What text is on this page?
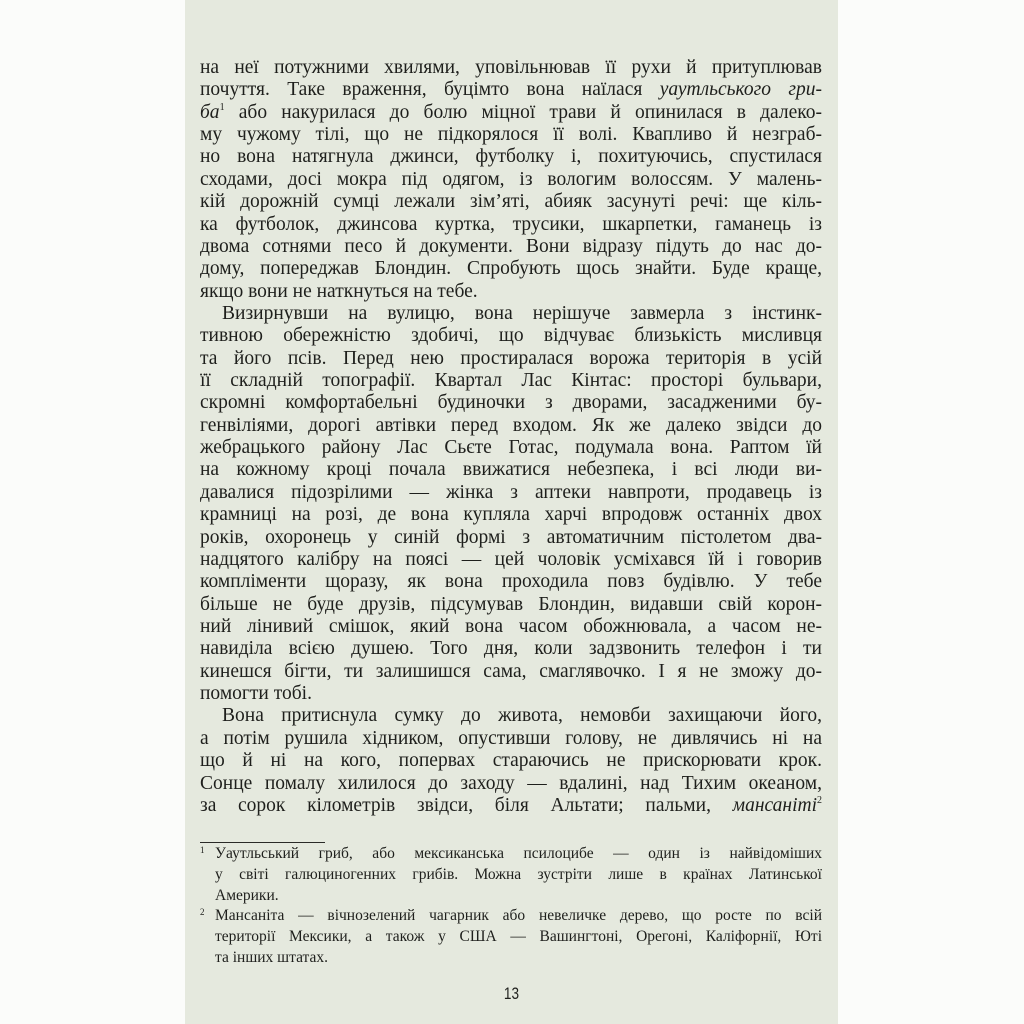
на неї потужними хвилями, уповільнював її рухи й притуплював
почуття. Таке враження, буцімто вона наїлася уаутльського гри-
$ба^1$ або накурилася до болю міцної трави й опинилася в далеко-
му чужому тілі, що не підкорялося її волі. Квапливо й незграб-
но вона натягнула джинси, футболку і, похитуючись, спустилася
сходами, досі мокра під одягом, із вологим волоссям. У малень-
кій дорожній сумці лежали зім’яті, абияк засунуті речі: ще кіль-
ка футболок, джинсова куртка, трусики, шкарпетки, гаманець із
двома сотнями песо й документи. Вони відразу підуть до нас до-
дому, попереджав Блондин. Спробують щось знайти. Буде краще,
якщо вони не наткнуться на тебе.
Визирнувши на вулицю, вона нерішуче завмерла з інстинк-
тивною обережністю здобичі, що відчуває близькість мисливця
та його псів. Перед нею простиралася ворожа територія в усій
її складній топографії. Квартал Лас Кінтас: просторі бульвари,
скромні комфортабельні будиночки з дворами, засадженими бу-
генвіліями, дорогі автівки перед входом. Як же далеко звідси до
жебрацького району Лас Сьєте Готас, подумала вона. Раптом їй
на кожному кроці почала ввижатися небезпека, і всі люди ви-
давалися підозрілими — жінка з аптеки навпроти, продавець із
крамниці на розі, де вона купляла харчі впродовж останніх двох
років, охоронець у синій формі з автоматичним пістолетом два-
надцятого калібру на поясі — цей чоловік усміхався їй і говорив
компліменти щоразу, як вона проходила повз будівлю. У тебе
більше не буде друзів, підсумував Блондин, видавши свій корон-
ний лінивий смішок, який вона часом обожнювала, а часом не-
навиділа всією душею. Того дня, коли задзвонить телефон і ти
кинешся бігти, ти залишишся сама, смаглявочко. І я не зможу до-
помогти тобі.
Вона притиснула сумку до живота, немовби захищаючи його,
а потім рушила хідником, опустивши голову, не дивлячись ні на
що й ні на кого, попервах стараючись не прискорювати крок.
Сонце помалу хилилося до заходу — вдалині, над Тихим океаном,
за сорок кілометрів звідси, біля Альтати; пальми, мансаніті$^2$
1 Уаутльський гриб, або мексиканська псилоцибе — один із найвідоміших
у світі галюциногенних грибів. Можна зустріти лише в країнах Латинської
Америки.
2 Мансаніта — вічнозелений чагарник або невеличке дерево, що росте по всій
території Мексики, а також у США — Вашингтоні, Орегоні, Каліфорнії, Юті
та інших штатах.
13
